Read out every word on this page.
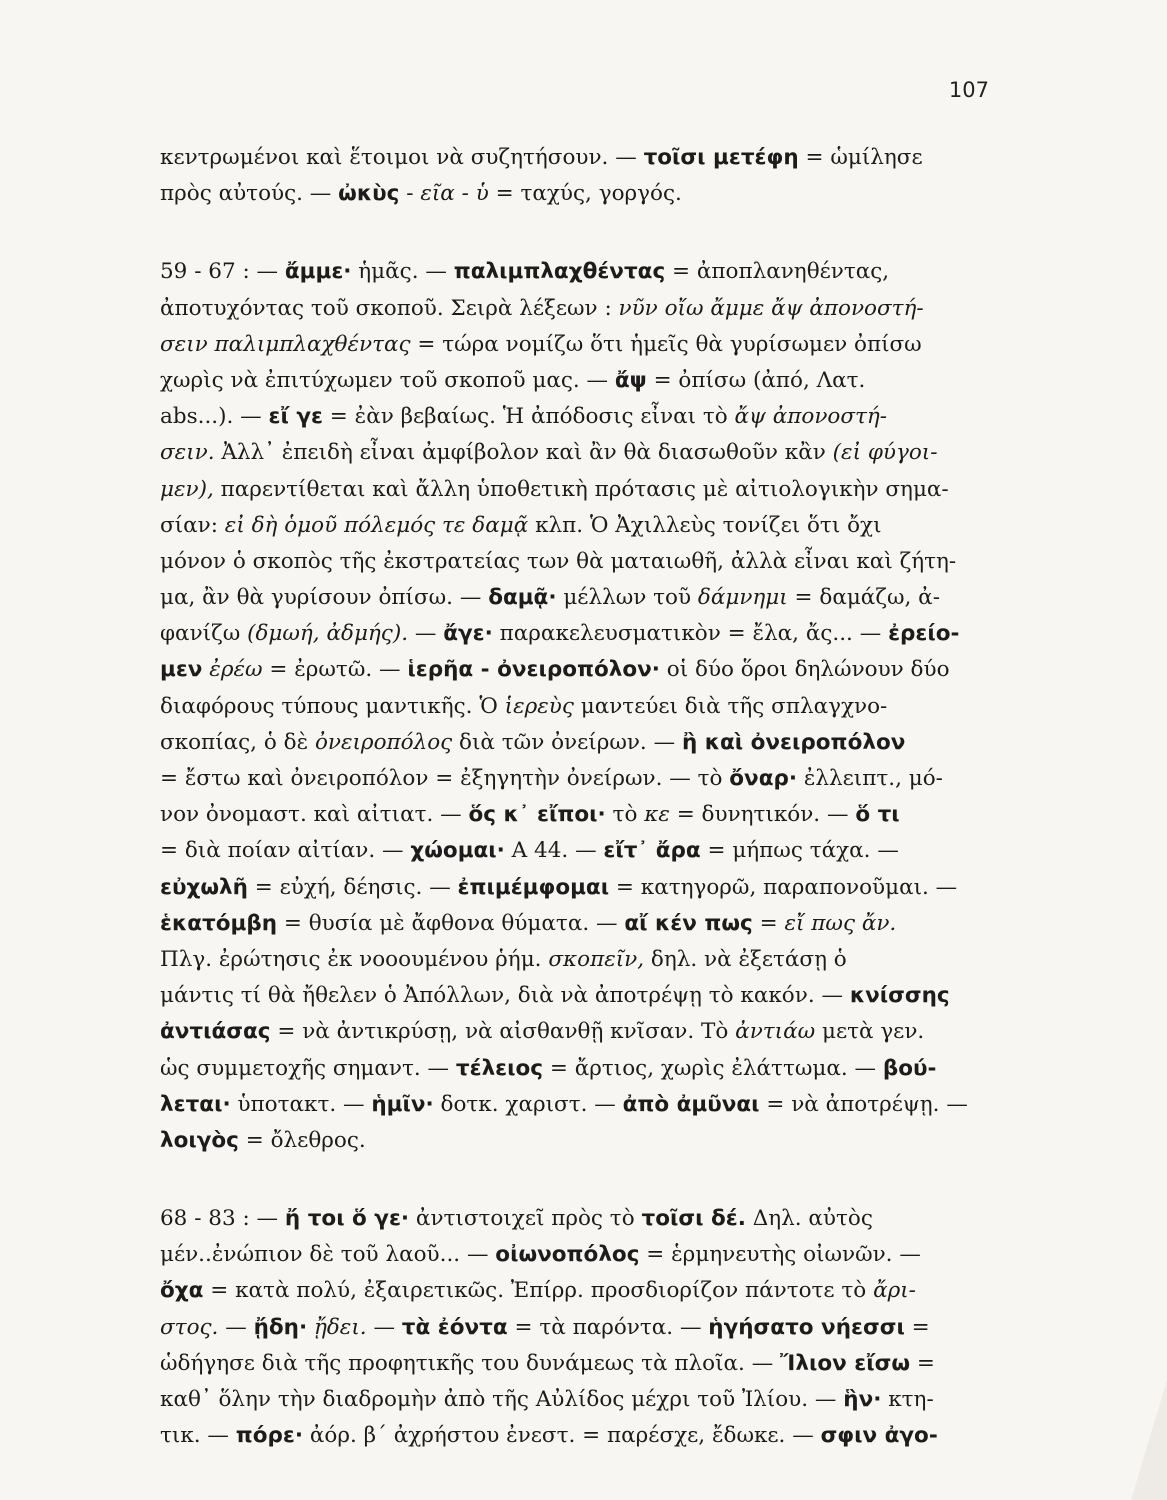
107
κεντρωμένοι καὶ ἕτοιμοι νὰ συζητήσουν. — τοῖσι μετέφη = ὡμίλησε
πρὸς αὐτούς. — ὠκὺς - εῖα - ὑ = ταχύς, γοργός.
59 - 67 : — ἄμμε· ἡμᾶς. — παλιμπλαχθέντας = ἀποπλανηθέντας,
ἀποτυχόντας τοῦ σκοποῦ. Σειρὰ λέξεων : νῦν οἴω ἄμμε ἄψ ἀπονοστή-
σειν παλιμπλαχθέντας = τώρα νομίζω ὅτι ἡμεῖς θὰ γυρίσωμεν ὀπίσω
χωρὶς νὰ ἐπιτύχωμεν τοῦ σκοποῦ μας. — ἄψ = ὀπίσω (ἀπό, Λατ.
abs...). — εἴ γε = ἐὰν βεβαίως. Ἡ ἀπόδοσις εἶναι τὸ ἄψ ἀπονοστή-
σειν. Ἀλλ᾽ ἐπειδὴ εἶναι ἀμφίβολον καὶ ἂν θὰ διασωθοῦν κἂν (εἰ φύγοι-
μεν), παρεντίθεται καὶ ἄλλη ὑποθετικὴ πρότασις μὲ αἰτιολογικὴν σημα-
σίαν: εἰ δὴ ὁμοῦ πόλεμός τε δαμᾷ κλπ. Ὁ Ἀχιλλεὺς τονίζει ὅτι ὄχι
μόνον ὁ σκοπὸς τῆς ἐκστρατείας των θὰ ματαιωθῆ, ἀλλὰ εἶναι καὶ ζήτη-
μα, ἂν θὰ γυρίσουν ὀπίσω. — δαμᾷ· μέλλων τοῦ δάμνημι = δαμάζω, ἀ-
φανίζω (δμωή, ἀδμής). — ἄγε· παρακελευσματικὸν = ἔλα, ἄς... — ἐρείο-
μεν ἐρέω = ἐρωτῶ. — ἱερῆα - ὀνειροπόλον· οἱ δύο ὅροι δηλώνουν δύο
διαφόρους τύπους μαντικῆς. Ὁ ἱερεὺς μαντεύει διὰ τῆς σπλαγχνο-
σκοπίας, ὁ δὲ ὀνειροπόλος διὰ τῶν ὀνείρων. — ἢ καὶ ὀνειροπόλον
= ἔστω καὶ ὀνειροπόλον = ἐξηγητὴν ὀνείρων. — τὸ ὄναρ· ἐλλειπτ., μό-
νον ὀνομαστ. καὶ αἰτιατ. — ὅς κ᾽ εἴποι· τὸ κε = δυνητικόν. — ὅ τι
= διὰ ποίαν αἰτίαν. — χώομαι· Α 44. — εἴτ᾽ ἄρα = μήπως τάχα. —
εὐχωλῆ = εὐχή, δέησις. — ἐπιμέμφομαι = κατηγορῶ, παραπονοῦμαι. —
ἑκατόμβη = θυσία μὲ ἄφθονα θύματα. — αἴ κέν πως = εἴ πως ἄν.
Πλγ. ἐρώτησις ἐκ νοοουμένου ῥήμ. σκοπεῖν, δηλ. νὰ ἐξετάσῃ ὁ
μάντις τί θὰ ἤθελεν ὁ Ἀπόλλων, διὰ νὰ ἀποτρέψῃ τὸ κακόν. — κνίσσης
ἀντιάσας = νὰ ἀντικρύσῃ, νὰ αἰσθανθῇ κνῖσαν. Τὸ ἀντιάω μετὰ γεν.
ὡς συμμετοχῆς σημαντ. — τέλειος = ἄρτιος, χωρὶς ἐλάττωμα. — βού-
λεται· ὑποτακτ. — ἡμῖν· δοτκ. χαριστ. — ἀπὸ ἀμῦναι = νὰ ἀποτρέψῃ. —
λοιγὸς = ὄλεθρος.
68 - 83 : — ἤ τοι ὅ γε· ἀντιστοιχεῖ πρὸς τὸ τοῖσι δέ. Δηλ. αὐτὸς
μέν..ἐνώπιον δὲ τοῦ λαοῦ... — οἰωνοπόλος = ἑρμηνευτὴς οἰωνῶν. —
ὄχα = κατὰ πολύ, ἐξαιρετικῶς. Ἐπίρρ. προσδιορίζον πάντοτε τὸ ἄρι-
στος. — ᾔδη· ᾔδει. — τὰ ἐόντα = τὰ παρόντα. — ἡγήσατο νήεσσι =
ὡδήγησε διὰ τῆς προφητικῆς του δυνάμεως τὰ πλοῖα. — Ἴλιον εἴσω =
καθ᾽ ὅλην τὴν διαδρομὴν ἀπὸ τῆς Αὐλίδος μέχρι τοῦ Ἰλίου. — ἣν· κτη-
τικ. — πόρε· ἀόρ. β΄ ἀχρήστου ἐνεστ. = παρέσχε, ἔδωκε. — σφιν ἀγο-
